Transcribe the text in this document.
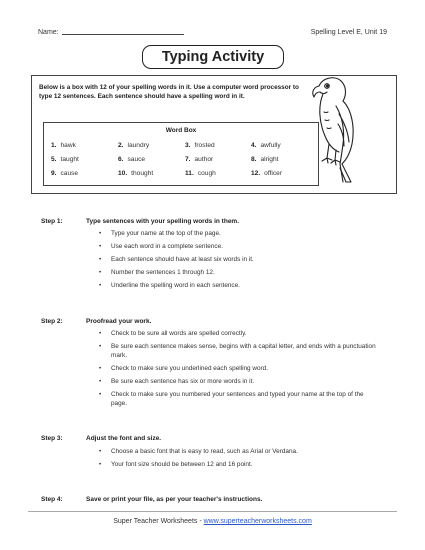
Name:	Spelling Level E, Unit 19
Typing Activity
Below is a box with 12 of your spelling words in it. Use a computer word processor to type 12 sentences. Each sentence should have a spelling word in it.
Word Box
1. hawk	2. laundry	3. frosted	4. awfully
5. taught	6. sauce	7. author	8. alright
9. cause	10. thought	11. cough	12. officer
Step 1:	Type sentences with your spelling words in them.
• Type your name at the top of the page.
• Use each word in a complete sentence.
• Each sentence should have at least six words in it.
• Number the sentences 1 through 12.
• Underline the spelling word in each sentence.
Step 2:	Proofread your work.
• Check to be sure all words are spelled correctly.
• Be sure each sentence makes sense, begins with a capital letter, and ends with a punctuation mark.
• Check to make sure you underlined each spelling word.
• Be sure each sentence has six or more words in it.
• Check to make sure you numbered your sentences and typed your name at the top of the page.
Step 3:	Adjust the font and size.
• Choose a basic font that is easy to read, such as Arial or Verdana.
• Your font size should be between 12 and 16 point.
Step 4:	Save or print your file, as per your teacher's instructions.
Super Teacher Worksheets - www.superteacherworksheets.com
